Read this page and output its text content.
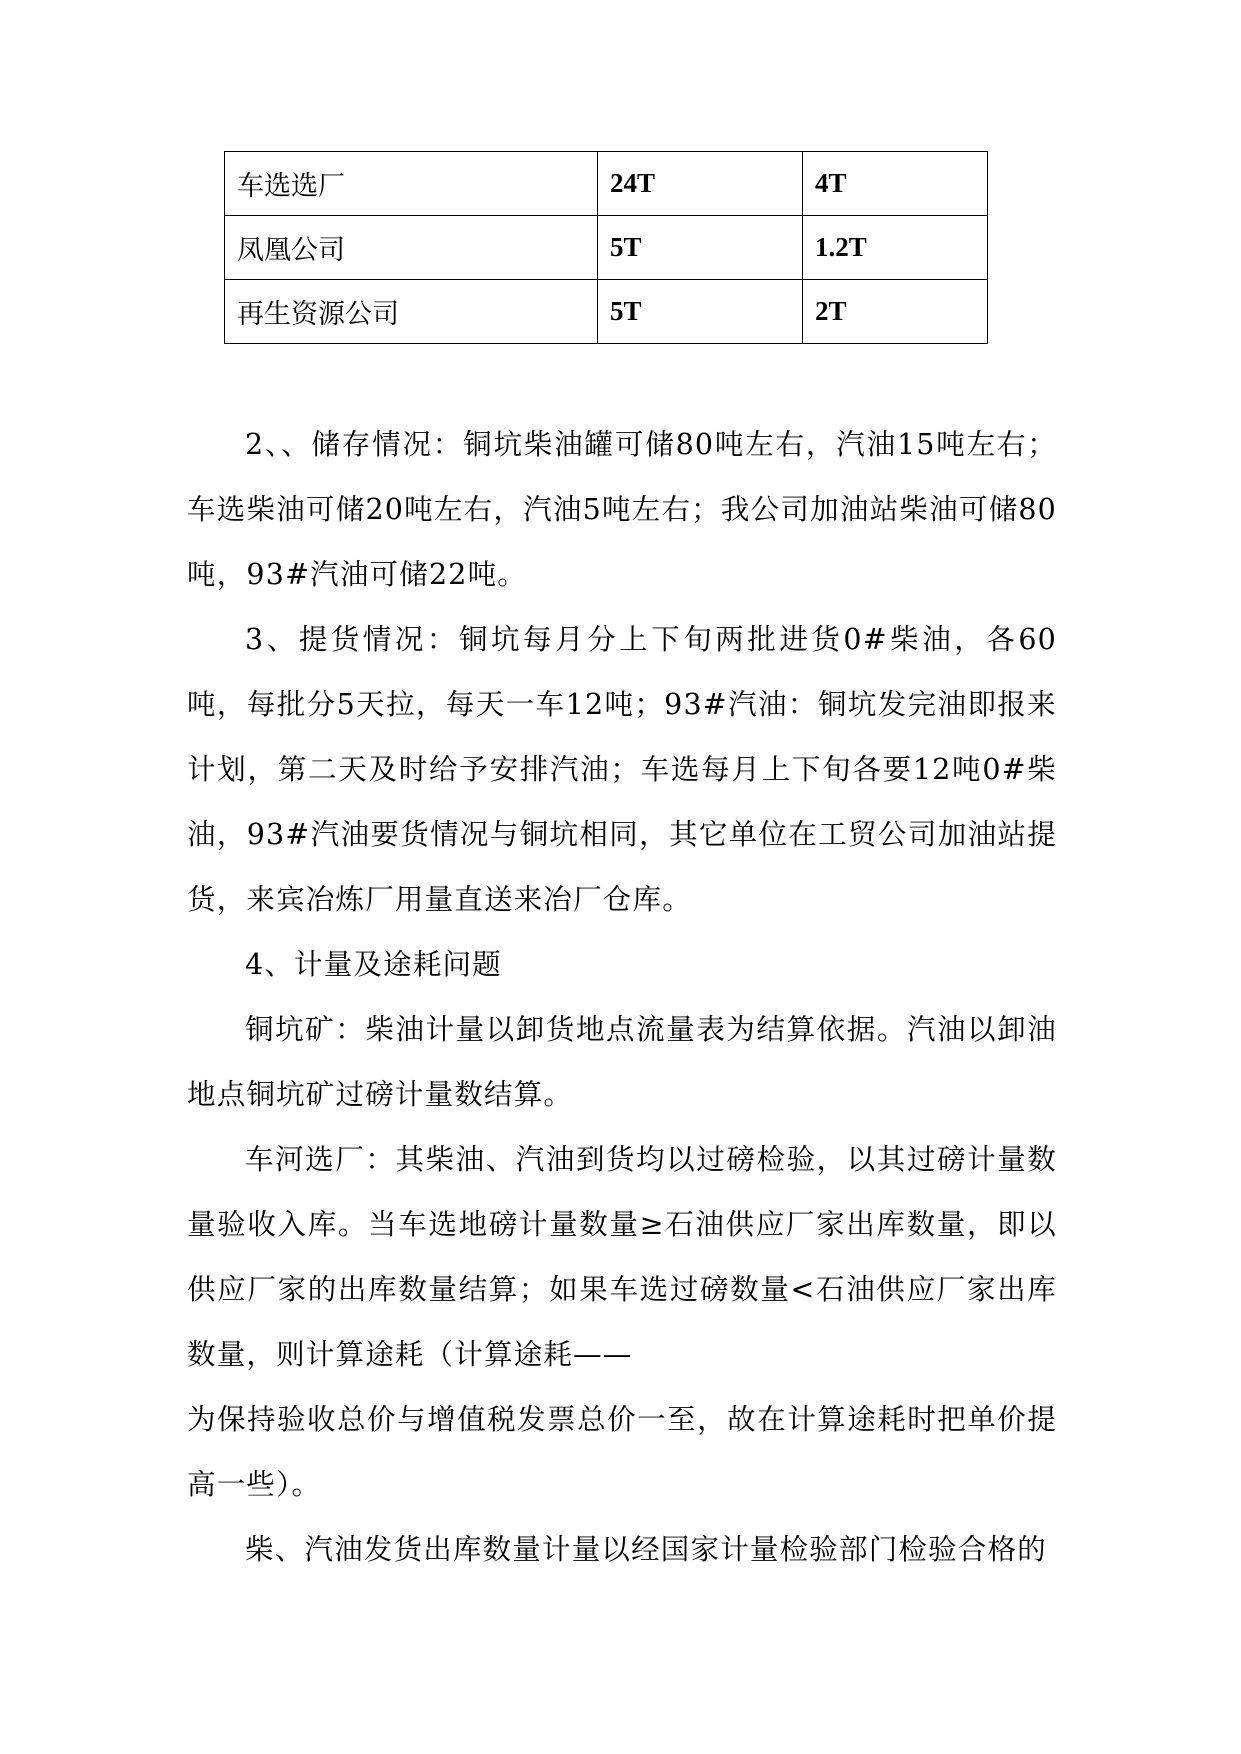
车选选厂	24T	4T
凤凰公司	5T	1.2T
再生资源公司	5T	2T

2、、储存情况：铜坑柴油罐可储80吨左右，汽油15吨左右；车选柴油可储20吨左右，汽油5吨左右；我公司加油站柴油可储80吨，93#汽油可储22吨。

3、提货情况：铜坑每月分上下旬两批进货0#柴油，各60吨，每批分5天拉，每天一车12吨；93#汽油：铜坑发完油即报来计划，第二天及时给予安排汽油；车选每月上下旬各要12吨0#柴油，93#汽油要货情况与铜坑相同，其它单位在工贸公司加油站提货，来宾冶炼厂用量直送来冶厂仓库。

4、计量及途耗问题

铜坑矿：柴油计量以卸货地点流量表为结算依据。汽油以卸油地点铜坑矿过磅计量数结算。

车河选厂：其柴油、汽油到货均以过磅检验，以其过磅计量数量验收入库。当车选地磅计量数量≥石油供应厂家出库数量，即以供应厂家的出库数量结算；如果车选过磅数量<石油供应厂家出库数量，则计算途耗（计算途耗——

为保持验收总价与增值税发票总价一至，故在计算途耗时把单价提高一些）。

柴、汽油发货出库数量计量以经国家计量检验部门检验合格的
